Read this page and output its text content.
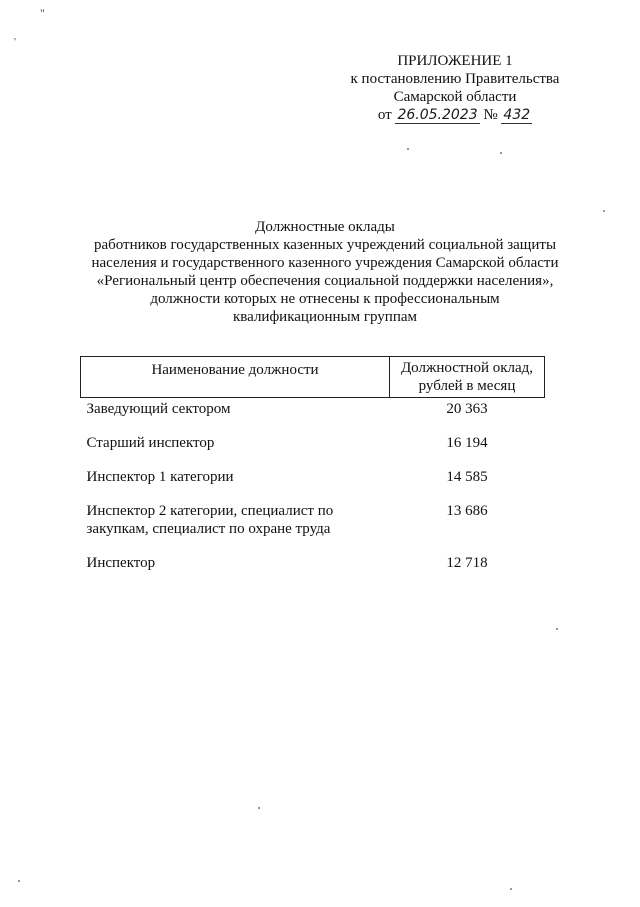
"
'
ПРИЛОЖЕНИЕ 1
к постановлению Правительства
Самарской области
от 26.05.2023 № 432
Должностные оклады
работников государственных казенных учреждений социальной защиты
населения и государственного казенного учреждения Самарской области
«Региональный центр обеспечения социальной поддержки населения»,
должности которых не отнесены к профессиональным
квалификационным группам
Наименование должности	Должностной оклад,
рублей в месяц
Заведующий сектором	20 363
Старший инспектор	16 194
Инспектор 1 категории	14 585
Инспектор 2 категории, специалист по
закупкам, специалист по охране труда	13 686
Инспектор	12 718
